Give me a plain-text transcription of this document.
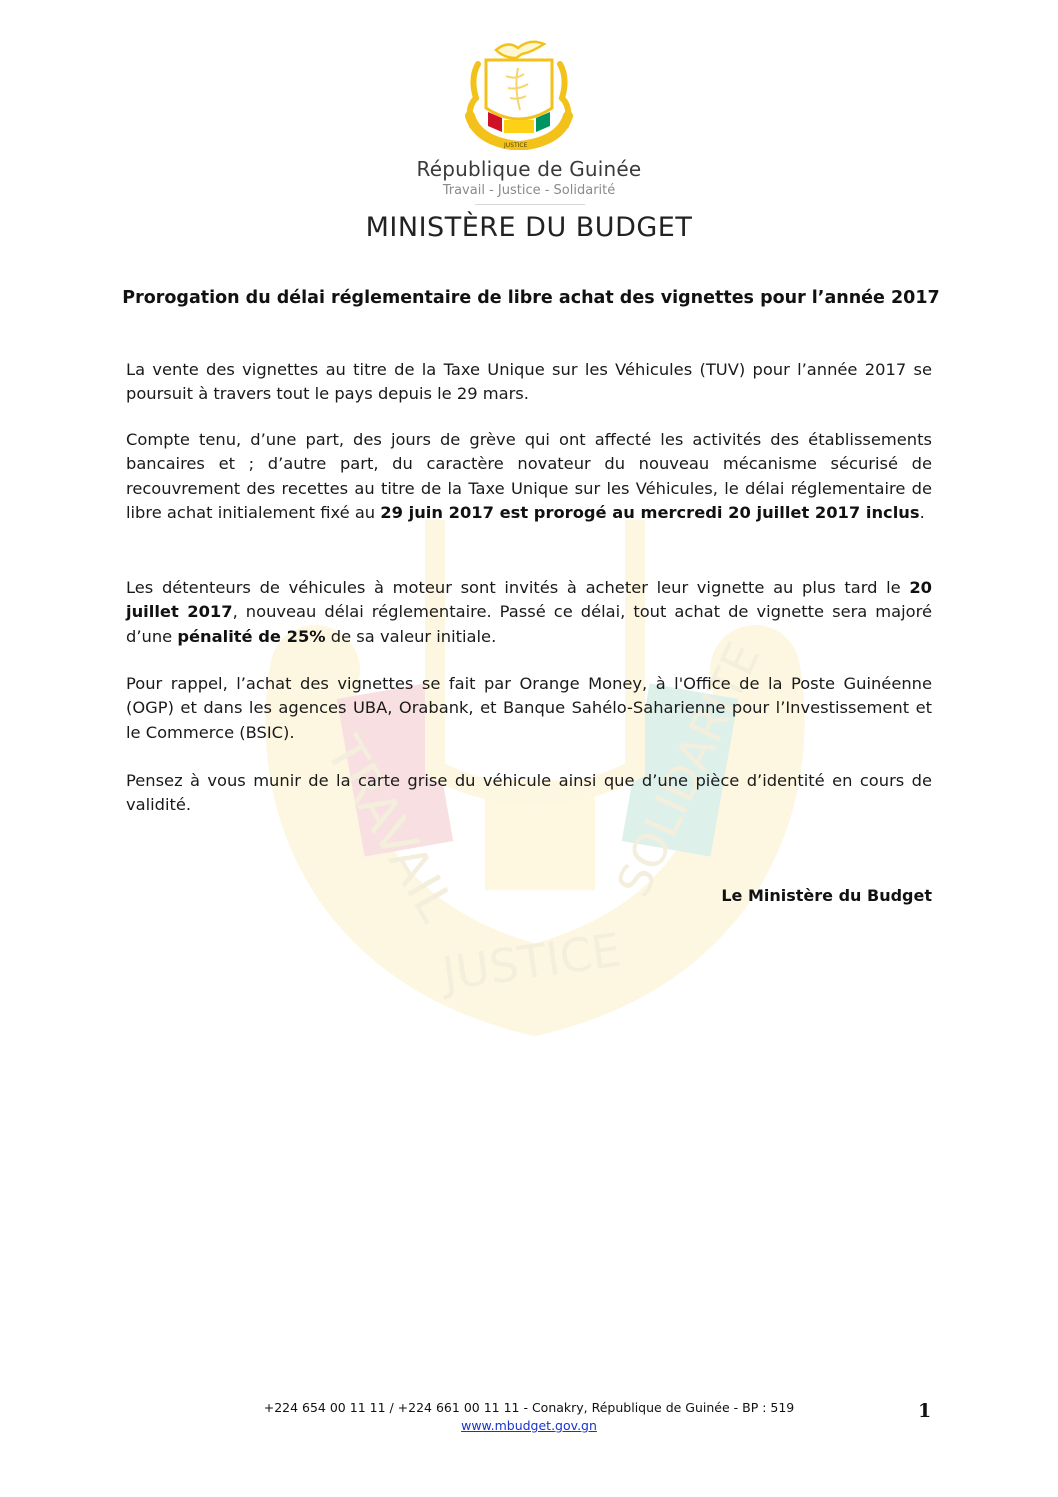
TRAVAIL
JUSTICE
SOLIDARITE
JUSTICE
République de Guinée
Travail - Justice - Solidarité
MINISTÈRE DU BUDGET
Prorogation du délai réglementaire de libre achat des vignettes pour l’année 2017
La vente des vignettes au titre de la Taxe Unique sur les Véhicules (TUV) pour l’année 2017 se poursuit à travers tout le pays depuis le 29 mars.
Compte tenu, d’une part, des jours de grève qui ont affecté les activités des établissements bancaires et ; d’autre part, du caractère novateur du nouveau mécanisme sécurisé de recouvrement des recettes au titre de la Taxe Unique sur les Véhicules, le délai réglementaire de libre achat initialement fixé au 29 juin 2017 est prorogé au mercredi 20 juillet 2017 inclus.
Les détenteurs de véhicules à moteur sont invités à acheter leur vignette au plus tard le 20 juillet 2017, nouveau délai réglementaire. Passé ce délai, tout achat de vignette sera majoré d’une pénalité de 25% de sa valeur initiale.
Pour rappel, l’achat des vignettes se fait par Orange Money, à l'Office de la Poste Guinéenne (OGP) et dans les agences UBA, Orabank, et Banque Sahélo-Saharienne pour l’Investissement et le Commerce (BSIC).
Pensez à vous munir de la carte grise du véhicule ainsi que d’une pièce d’identité en cours de validité.
Le Ministère du Budget
+224 654 00 11 11 / +224 661 00 11 11 - Conakry, République de Guinée - BP : 519
www.mbudget.gov.gn
1
